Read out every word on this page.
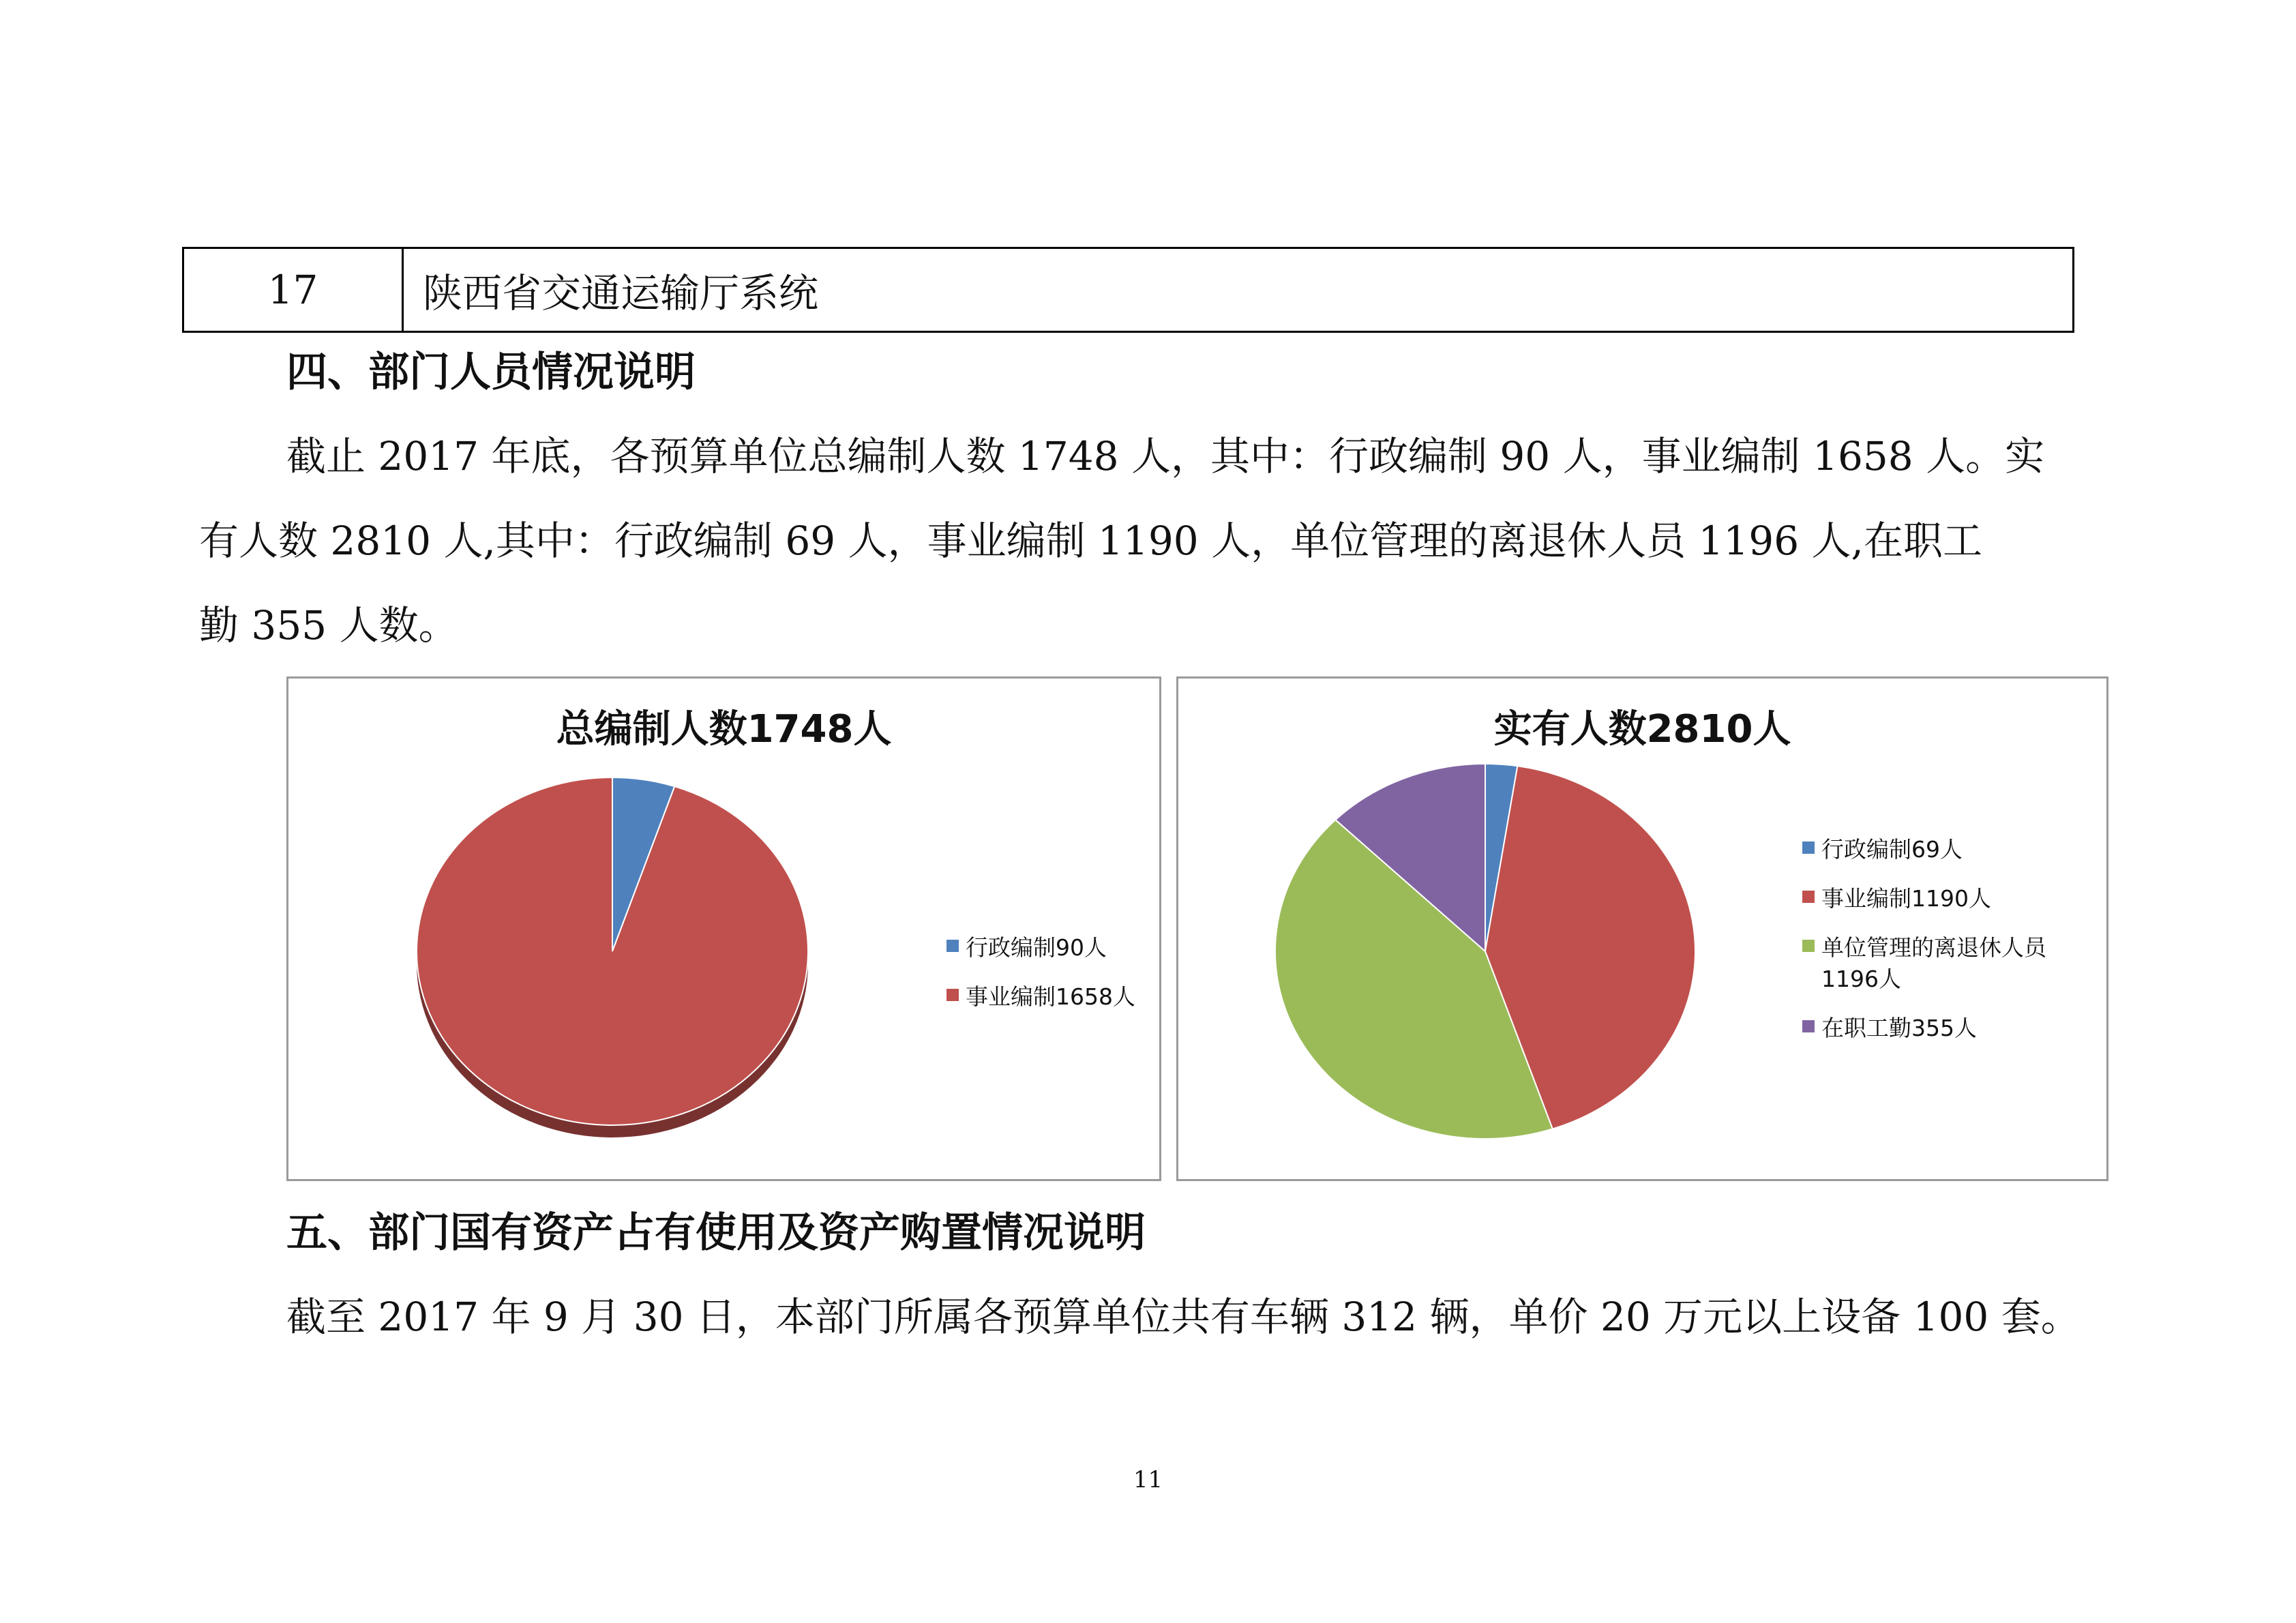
17	陕西省交通运输厅系统
四、部门人员情况说明
截止 2017 年底，各预算单位总编制人数 1748 人，其中：行政编制 90 人，事业编制 1658 人。实
有人数 2810 人,其中：行政编制 69 人，事业编制 1190 人，单位管理的离退休人员 1196 人,在职工
勤 355 人数。
总编制人数1748人
行政编制90人
事业编制1658人
实有人数2810人
行政编制69人
事业编制1190人
单位管理的离退休人员1196人
在职工勤355人
五、部门国有资产占有使用及资产购置情况说明
截至 2017 年 9 月 30 日，本部门所属各预算单位共有车辆 312 辆，单价 20 万元以上设备 100 套。
11
